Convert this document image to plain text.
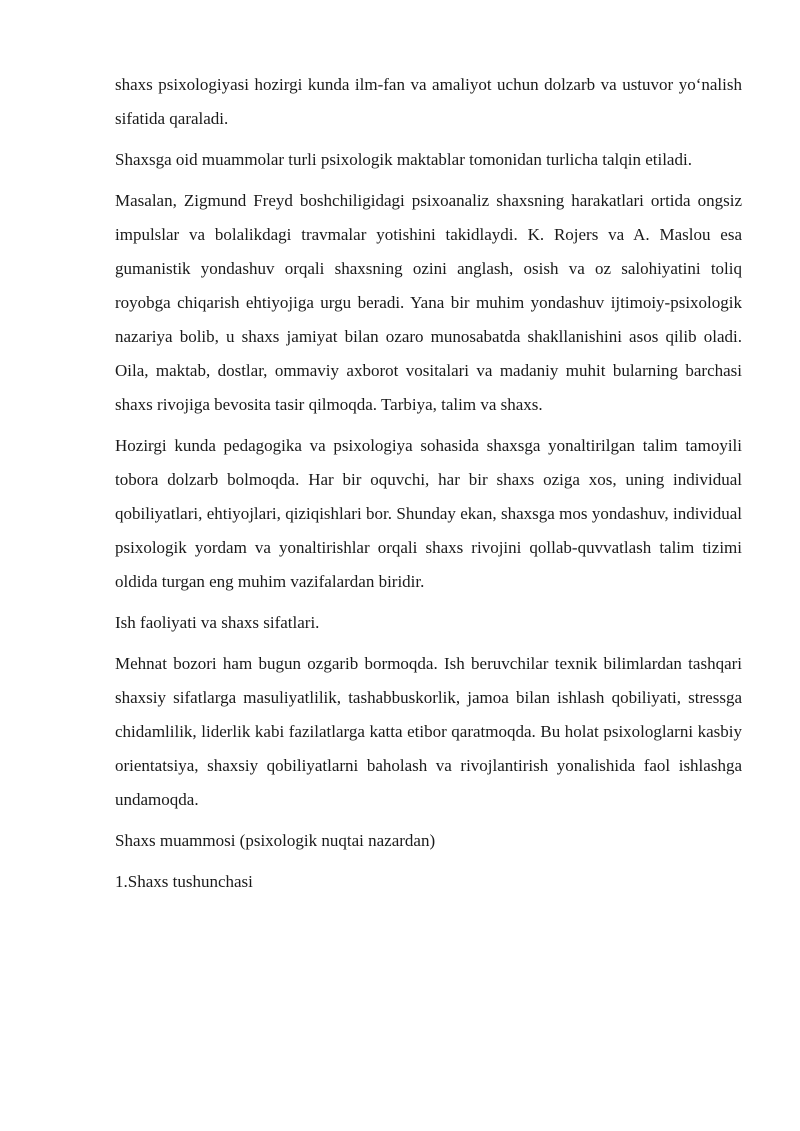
shaxs psixologiyasi hozirgi kunda ilm-fan va amaliyot uchun dolzarb va ustuvor yo‘nalish sifatida qaraladi.

Shaxsga oid muammolar turli psixologik maktablar tomonidan turlicha talqin etiladi.

Masalan, Zigmund Freyd boshchiligidagi psixoanaliz shaxsning harakatlari ortida ongsiz impulslar va bolalikdagi travmalar yotishini takidlaydi. K. Rojers va A. Maslou esa gumanistik yondashuv orqali shaxsning ozini anglash, osish va oz salohiyatini toliq royobga chiqarish ehtiyojiga urgu beradi. Yana bir muhim yondashuv ijtimoiy-psixologik nazariya bolib, u shaxs jamiyat bilan ozaro munosabatda shakllanishini asos qilib oladi. Oila, maktab, dostlar, ommaviy axborot vositalari va madaniy muhit bularning barchasi shaxs rivojiga bevosita tasir qilmoqda. Tarbiya, talim va shaxs.

Hozirgi kunda pedagogika va psixologiya sohasida shaxsga yonaltirilgan talim tamoyili tobora dolzarb bolmoqda. Har bir oquvchi, har bir shaxs oziga xos, uning individual qobiliyatlari, ehtiyojlari, qiziqishlari bor. Shunday ekan, shaxsga mos yondashuv, individual psixologik yordam va yonaltirishlar orqali shaxs rivojini qollab-quvvatlash talim tizimi oldida turgan eng muhim vazifalardan biridir.

Ish faoliyati va shaxs sifatlari.

Mehnat bozori ham bugun ozgarib bormoqda. Ish beruvchilar texnik bilimlardan tashqari shaxsiy sifatlarga masuliyatlilik, tashabbuskorlik, jamoa bilan ishlash qobiliyati, stressga chidamlilik, liderlik kabi fazilatlarga katta etibor qaratmoqda. Bu holat psixologlarni kasbiy orientatsiya, shaxsiy qobiliyatlarni baholash va rivojlantirish yonalishida faol ishlashga undamoqda.

Shaxs muammosi (psixologik nuqtai nazardan)

1.Shaxs tushunchasi
